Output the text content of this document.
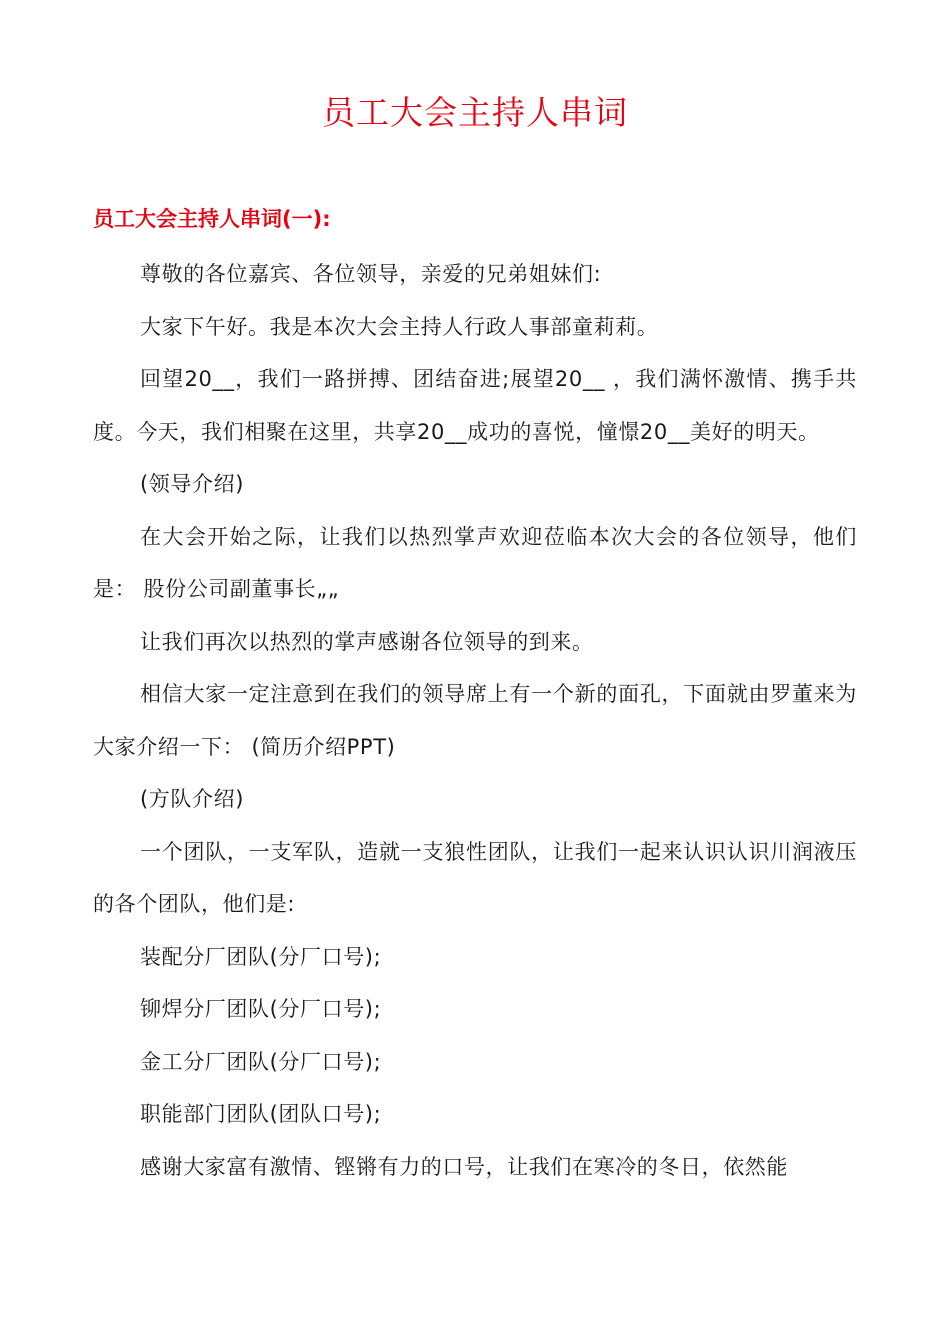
员工大会主持人串词
员工大会主持人串词(一):

尊敬的各位嘉宾、各位领导，亲爱的兄弟姐妹们:

大家下午好。我是本次大会主持人行政人事部童莉莉。

回望20__，我们一路拼搏、团结奋进;展望20__ ，我们满怀激情、携手共度。今天，我们相聚在这里，共享20__成功的喜悦，憧憬20__美好的明天。

(领导介绍)

在大会开始之际，让我们以热烈掌声欢迎莅临本次大会的各位领导，他们是： 股份公司副董事长„„

让我们再次以热烈的掌声感谢各位领导的到来。

相信大家一定注意到在我们的领导席上有一个新的面孔，下面就由罗董来为大家介绍一下： (简历介绍PPT)

(方队介绍)

一个团队，一支军队，造就一支狼性团队，让我们一起来认识认识川润液压的各个团队，他们是:

装配分厂团队(分厂口号);

铆焊分厂团队(分厂口号);

金工分厂团队(分厂口号);

职能部门团队(团队口号);

感谢大家富有激情、铿锵有力的口号，让我们在寒冷的冬日，依然能
